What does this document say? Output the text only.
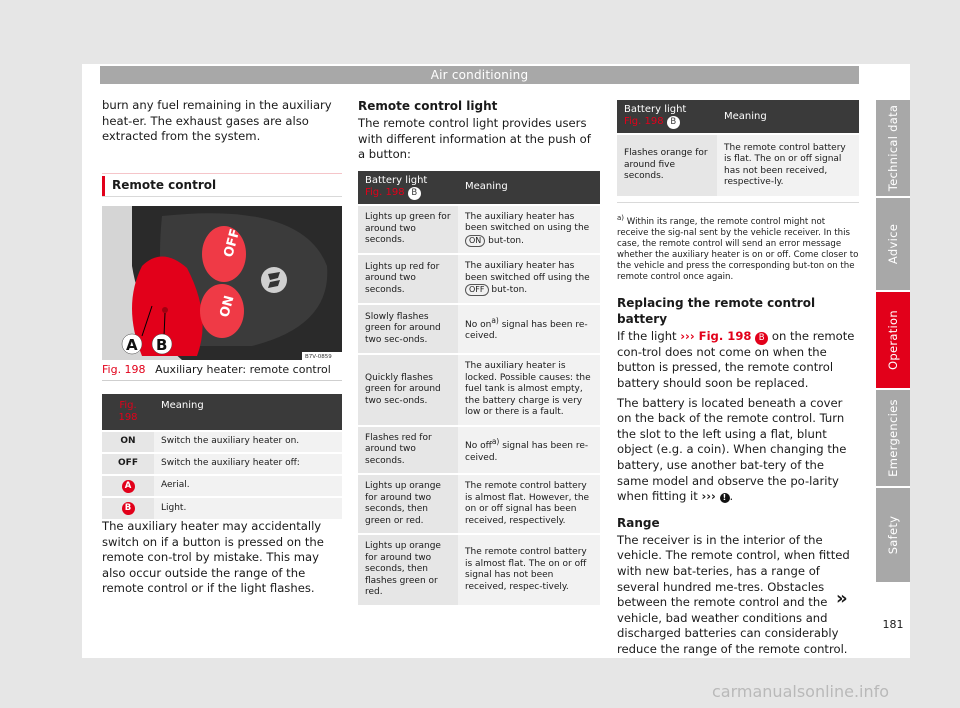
Air conditioning

burn any fuel remaining in the auxiliary heat-er. The exhaust gases are also extracted from the system.

Remote control
OFF
ON
A B
B7V-0859
Fig. 198 Auxiliary heater: remote control
Fig. 198	Meaning
ON	Switch the auxiliary heater on.
OFF	Switch the auxiliary heater off:
A	Aerial.
B	Light.

The auxiliary heater may accidentally switch on if a button is pressed on the remote con-trol by mistake. This may also occur outside the range of the remote control or if the light flashes.

Remote control light

The remote control light provides users with different information at the push of a button:

Battery light
Fig. 198 B	Meaning
Lights up green for around two seconds.	The auxiliary heater has been switched on using the ON but-ton.
Lights up red for around two seconds.	The auxiliary heater has been switched off using the OFF but-ton.
Slowly flashes green for around two sec-onds.	No $on^{a)}$ signal has been re-ceived.
Quickly flashes green for around two sec-onds.	The auxiliary heater is locked. Possible causes: the fuel tank is almost empty, the battery charge is very low or there is a fault.
Flashes red for around two seconds.	No off$^{a)}$ signal has been re-ceived.
Lights up orange for around two seconds, then green or red.	The remote control battery is almost flat. However, the on or off signal has been received, respectively.
Lights up orange for around two seconds, then flashes green or red.	The remote control battery is almost flat. The on or off signal has not been received, respec-tively.
Battery light
Fig. 198 B	Meaning
Flashes orange for around five seconds.	The remote control battery is flat. The on or off signal has not been received, respective-ly.

$^{a)}$ Within its range, the remote control might not receive the sig-nal sent by the vehicle receiver. In this case, the remote control will send an error message whether the auxiliary heater is on or off. Come closer to the vehicle and press the corresponding but-ton on the remote control once again.

Replacing the remote control battery

If the light ››› Fig. 198 B on the remote con-trol does not come on when the button is pressed, the remote control battery should soon be replaced.

The battery is located beneath a cover on the back of the remote control. Turn the slot to the left using a flat, blunt object (e.g. a coin). When changing the battery, use another bat-tery of the same model and observe the po-larity when fitting it ››› ! .

Range

The receiver is in the interior of the vehicle. The remote control, when fitted with new bat-teries, has a range of several hundred me-tres. Obstacles between the remote control and the vehicle, bad weather conditions and discharged batteries can considerably reduce the range of the remote control.

»
Technical data
Advice
Operation
Emergencies
Safety
181
carmanualsonline.info
